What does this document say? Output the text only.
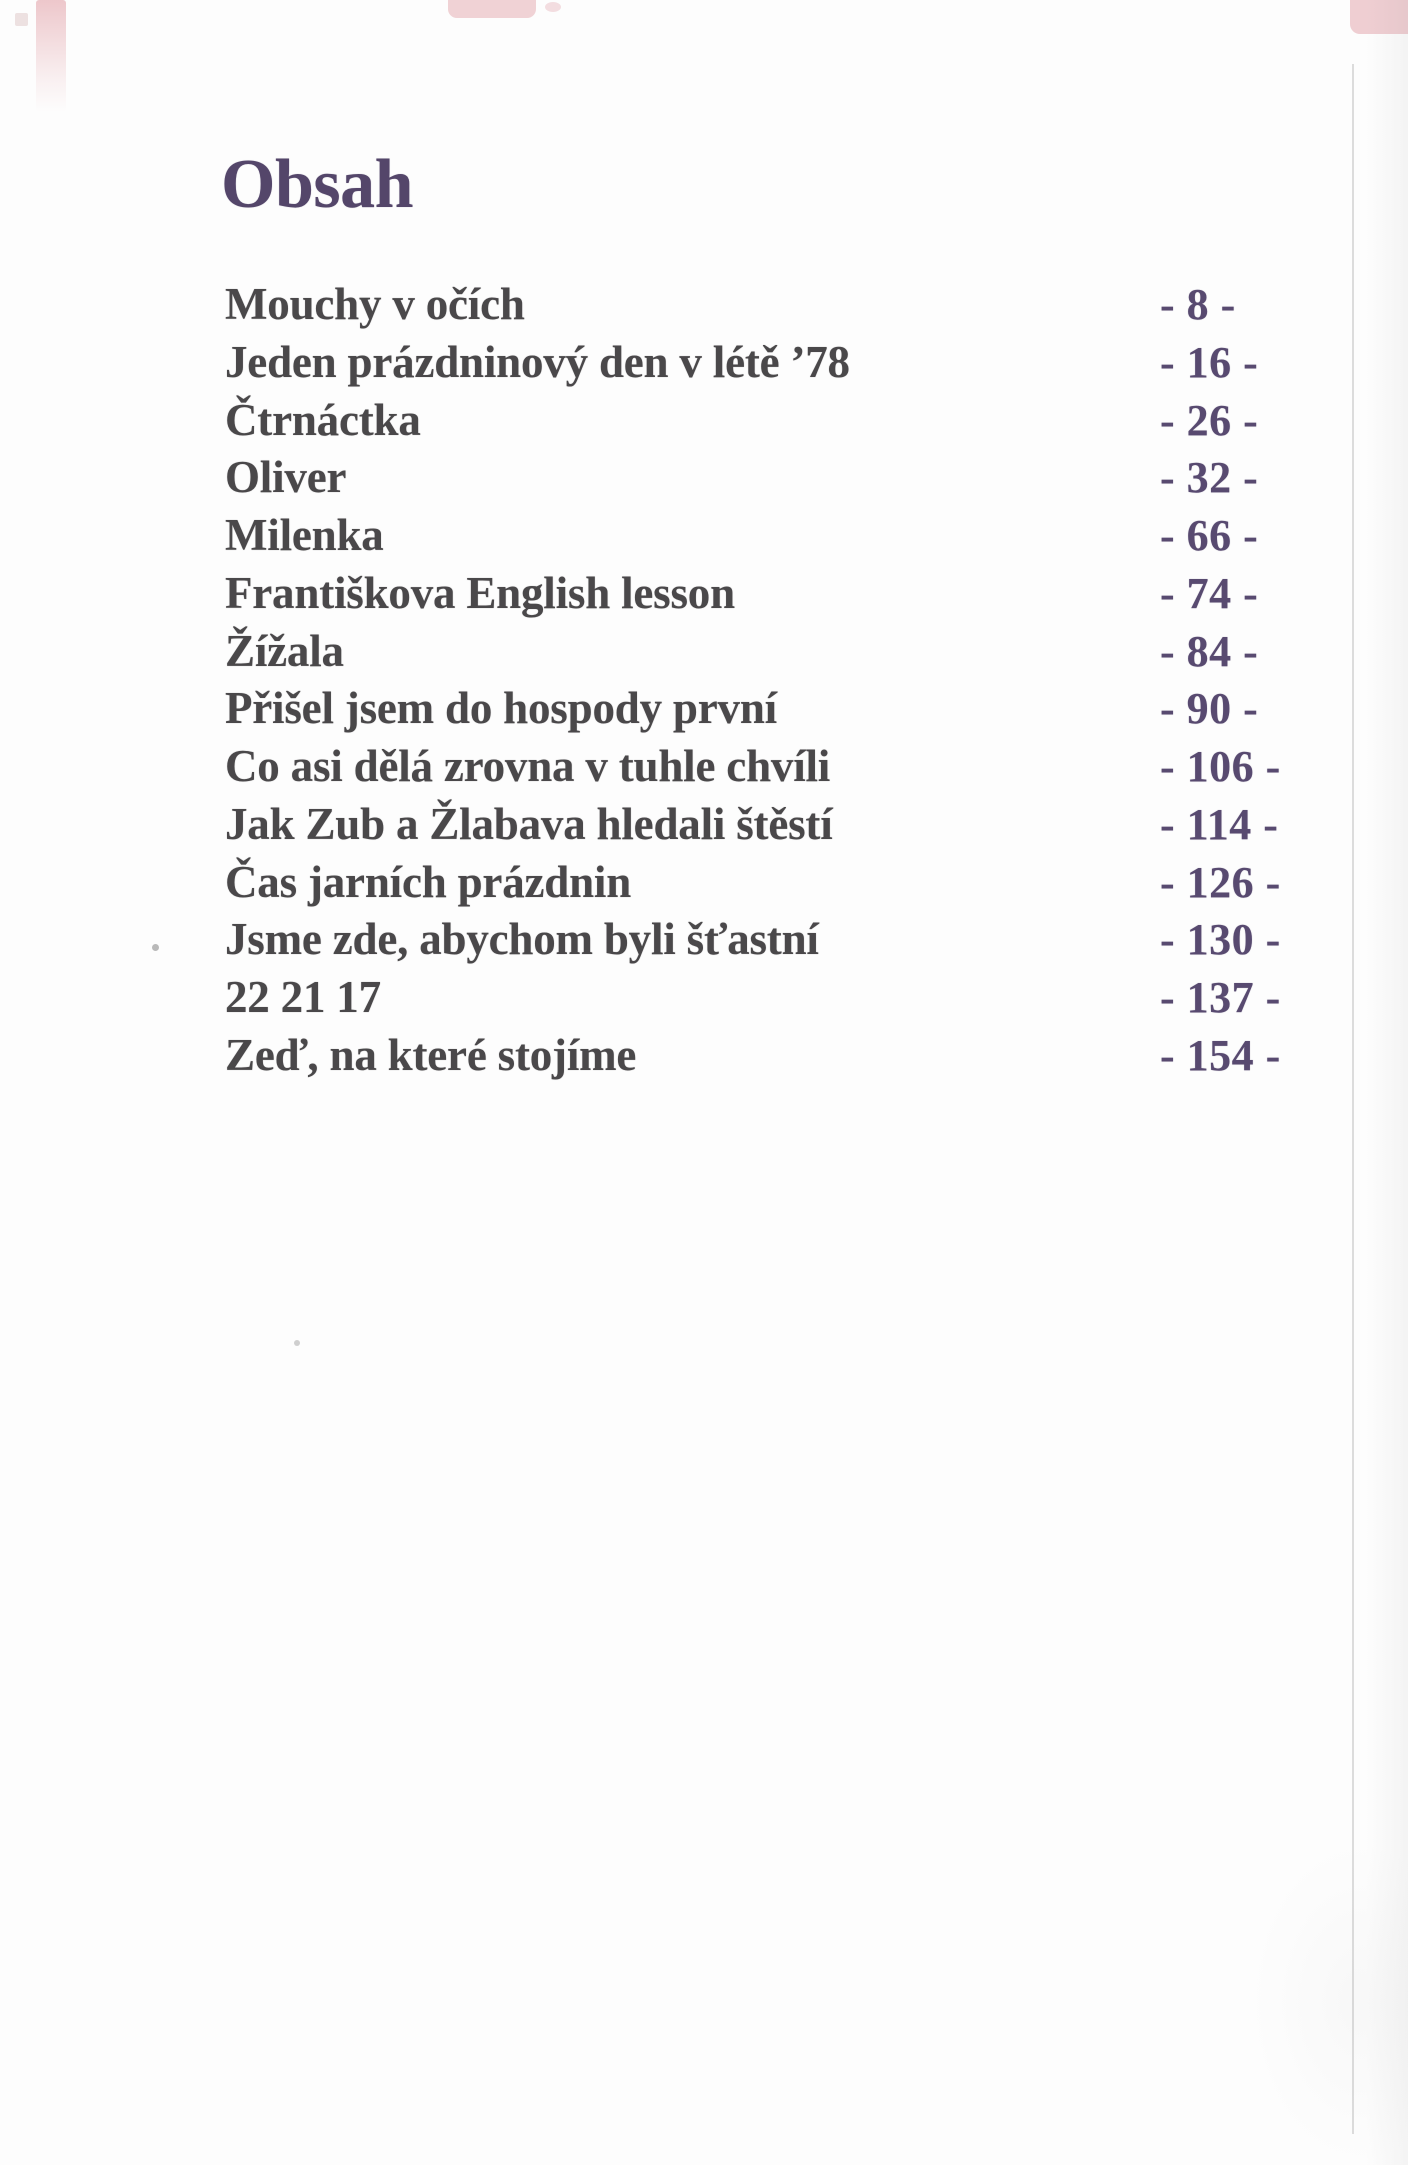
Obsah
Mouchy v očích	- 8 -
Jeden prázdninový den v létě ’78	- 16 -
Čtrnáctka	- 26 -
Oliver	- 32 -
Milenka	- 66 -
Františkova English lesson	- 74 -
Žížala	- 84 -
Přišel jsem do hospody první	- 90 -
Co asi dělá zrovna v tuhle chvíli	- 106 -
Jak Zub a Žlabava hledali štěstí	- 114 -
Čas jarních prázdnin	- 126 -
Jsme zde, abychom byli šťastní	- 130 -
22 21 17	- 137 -
Zeď, na které stojíme	- 154 -
